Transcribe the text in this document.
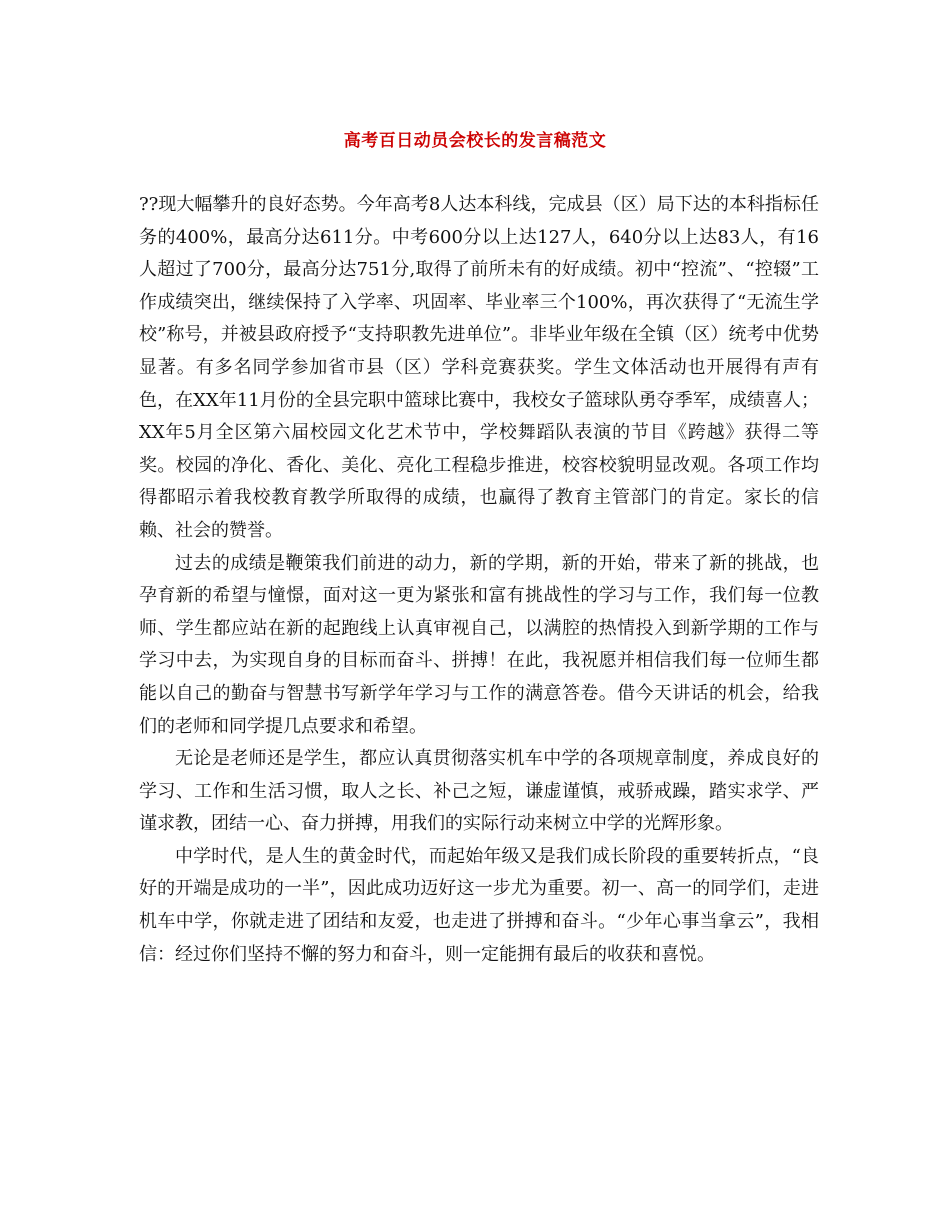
高考百日动员会校长的发言稿范文

??现大幅攀升的良好态势。今年高考8人达本科线，完成县（区）局下达的本科指标任务的400%，最高分达611分。中考600分以上达127人，640分以上达83人，有16人超过了700分，最高分达751分,取得了前所未有的好成绩。初中“控流”、“控辍”工作成绩突出，继续保持了入学率、巩固率、毕业率三个100%，再次获得了“无流生学校”称号，并被县政府授予“支持职教先进单位”。非毕业年级在全镇（区）统考中优势显著。有多名同学参加省市县（区）学科竞赛获奖。学生文体活动也开展得有声有色，在XX年11月份的全县完职中篮球比赛中，我校女子篮球队勇夺季军，成绩喜人；XX年5月全区第六届校园文化艺术节中，学校舞蹈队表演的节目《跨越》获得二等奖。校园的净化、香化、美化、亮化工程稳步推进，校容校貌明显改观。各项工作均得都昭示着我校教育教学所取得的成绩，也赢得了教育主管部门的肯定。家长的信赖、社会的赞誉。

过去的成绩是鞭策我们前进的动力，新的学期，新的开始，带来了新的挑战，也孕育新的希望与憧憬，面对这一更为紧张和富有挑战性的学习与工作，我们每一位教师、学生都应站在新的起跑线上认真审视自己，以满腔的热情投入到新学期的工作与学习中去，为实现自身的目标而奋斗、拼搏！在此，我祝愿并相信我们每一位师生都能以自己的勤奋与智慧书写新学年学习与工作的满意答卷。借今天讲话的机会，给我们的老师和同学提几点要求和希望。

无论是老师还是学生，都应认真贯彻落实机车中学的各项规章制度，养成良好的学习、工作和生活习惯，取人之长、补己之短，谦虚谨慎，戒骄戒躁，踏实求学、严谨求教，团结一心、奋力拼搏，用我们的实际行动来树立中学的光辉形象。

中学时代，是人生的黄金时代，而起始年级又是我们成长阶段的重要转折点，“良好的开端是成功的一半”，因此成功迈好这一步尤为重要。初一、高一的同学们，走进机车中学，你就走进了团结和友爱，也走进了拼搏和奋斗。“少年心事当拿云”，我相信：经过你们坚持不懈的努力和奋斗，则一定能拥有最后的收获和喜悦。
